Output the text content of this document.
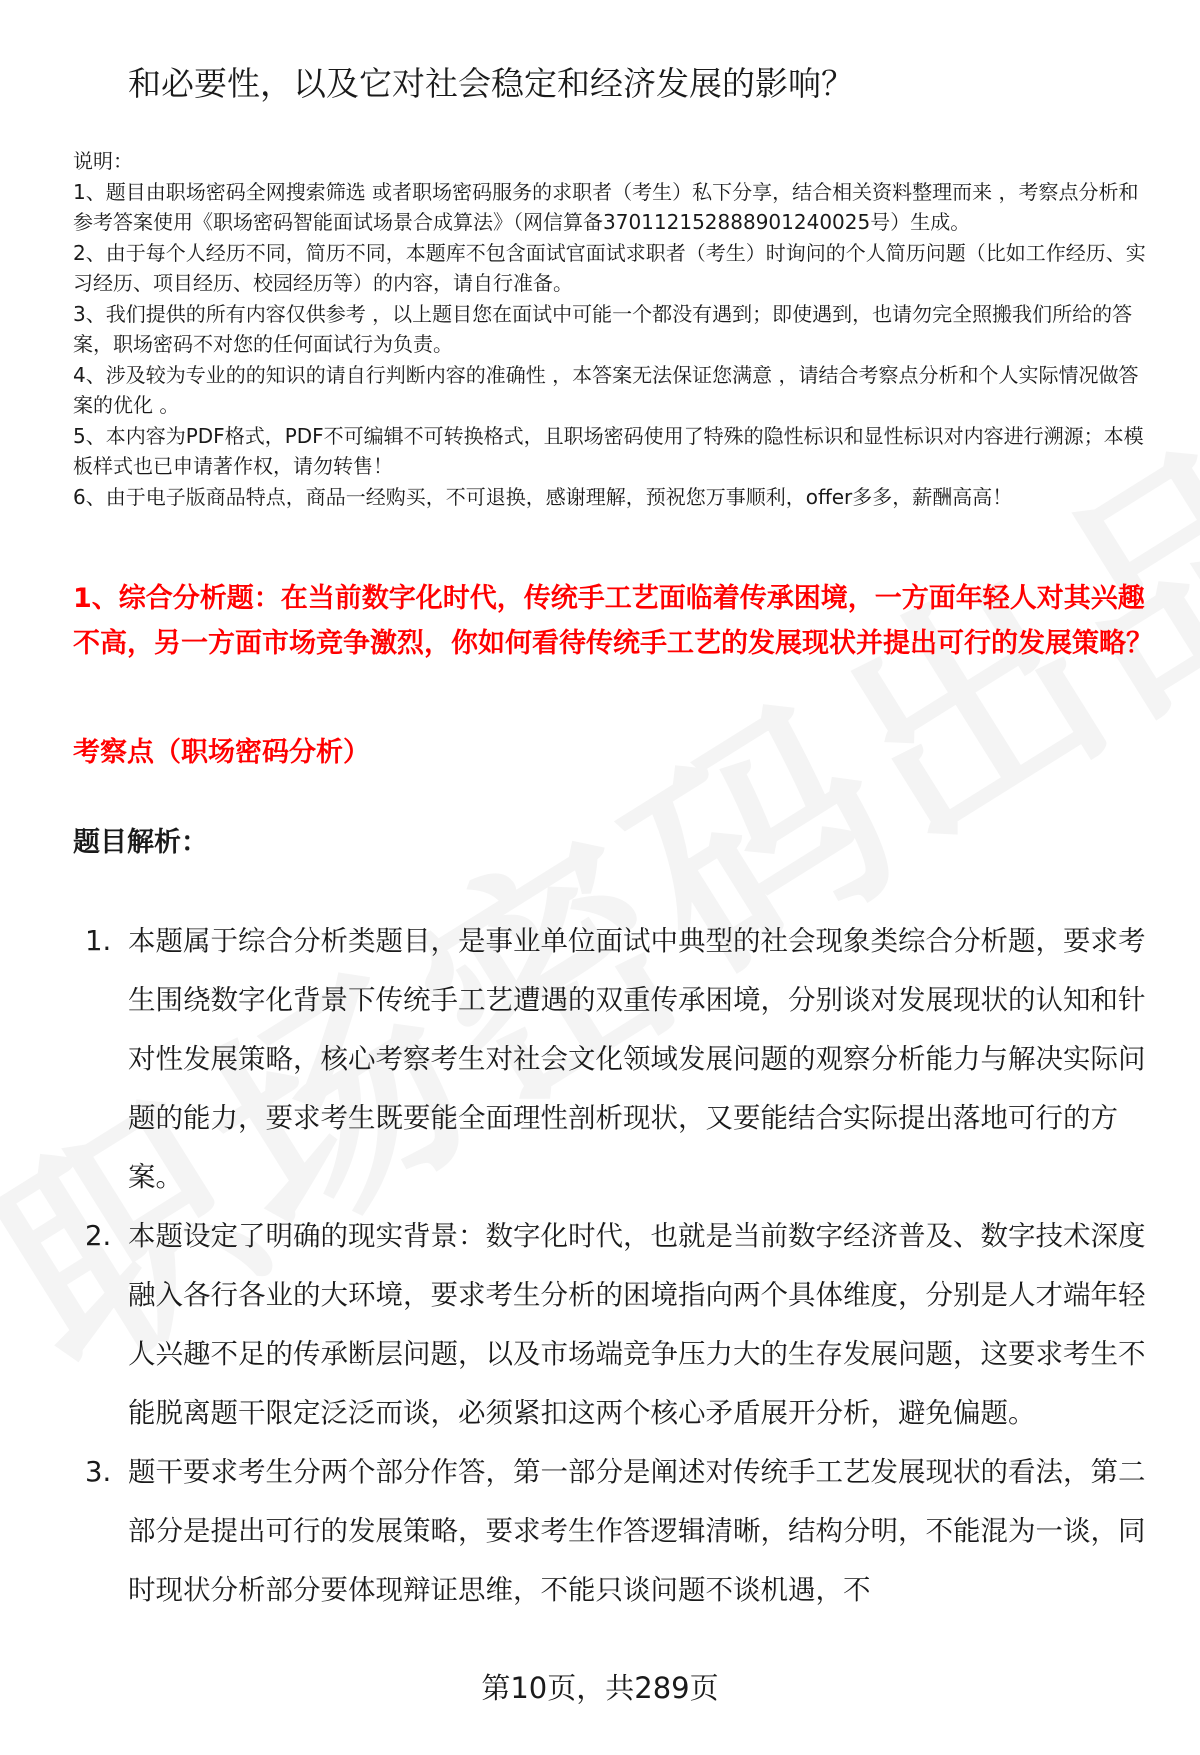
和必要性，以及它对社会稳定和经济发展的影响？

说明：

1、题目由职场密码全网搜索筛选 或者职场密码服务的求职者（考生）私下分享，结合相关资料整理而来 ，考察点分析和参考答案使用《职场密码智能面试场景合成算法》（网信算备370112152888901240025号）生成。

2、由于每个人经历不同，简历不同，本题库不包含面试官面试求职者（考生）时询问的个人简历问题（比如工作经历、实习经历、项目经历、校园经历等）的内容，请自行准备。

3、我们提供的所有内容仅供参考 ，以上题目您在面试中可能一个都没有遇到；即使遇到，也请勿完全照搬我们所给的答案，职场密码不对您的任何面试行为负责。

4、涉及较为专业的的知识的请自行判断内容的准确性 ，本答案无法保证您满意 ，请结合考察点分析和个人实际情况做答案的优化 。

5、本内容为PDF格式，PDF不可编辑不可转换格式，且职场密码使用了特殊的隐性标识和显性标识对内容进行溯源；本模板样式也已申请著作权，请勿转售！

6、由于电子版商品特点，商品一经购买，不可退换，感谢理解，预祝您万事顺利，offer多多，薪酬高高！

1、综合分析题：在当前数字化时代，传统手工艺面临着传承困境，一方面年轻人对其兴趣不高，另一方面市场竞争激烈，你如何看待传统手工艺的发展现状并提出可行的发展策略？
考察点（职场密码分析）
题目解析：
1. 本题属于综合分析类题目，是事业单位面试中典型的社会现象类综合分析题，要求考生围绕数字化背景下传统手工艺遭遇的双重传承困境，分别谈对发展现状的认知和针对性发展策略，核心考察考生对社会文化领域发展问题的观察分析能力与解决实际问题的能力，要求考生既要能全面理性剖析现状，又要能结合实际提出落地可行的方案。
2. 本题设定了明确的现实背景：数字化时代，也就是当前数字经济普及、数字技术深度融入各行各业的大环境，要求考生分析的困境指向两个具体维度，分别是人才端年轻人兴趣不足的传承断层问题，以及市场端竞争压力大的生存发展问题，这要求考生不能脱离题干限定泛泛而谈，必须紧扣这两个核心矛盾展开分析，避免偏题。
3. 题干要求考生分两个部分作答，第一部分是阐述对传统手工艺发展现状的看法，第二部分是提出可行的发展策略，要求考生作答逻辑清晰，结构分明，不能混为一谈，同时现状分析部分要体现辩证思维，不能只谈问题不谈机遇，不
第10页，共289页
